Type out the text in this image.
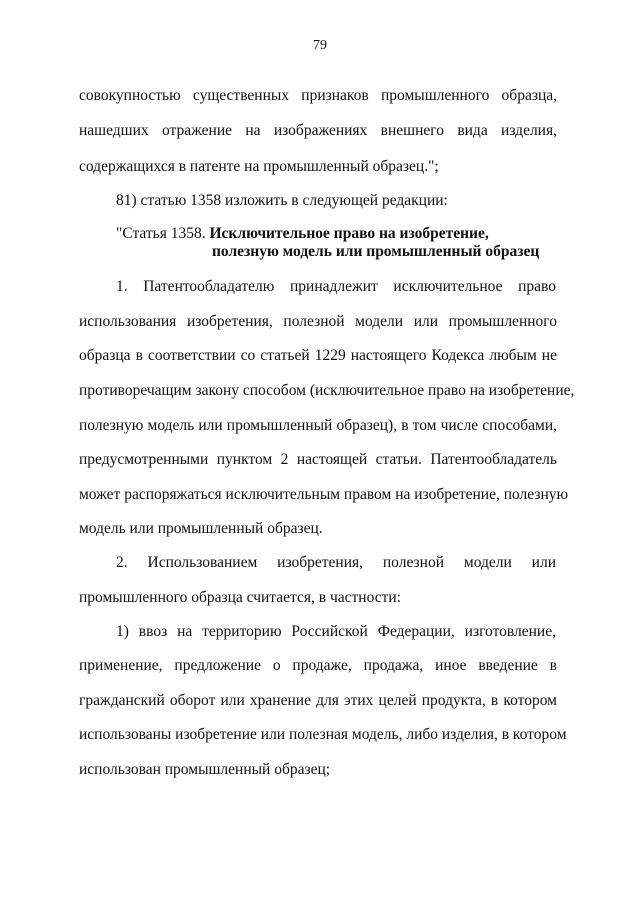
79
совокупностью существенных признаков промышленного образца,
нашедших отражение на изображениях внешнего вида изделия,
содержащихся в патенте на промышленный образец.";
81) статью 1358 изложить в следующей редакции:
"Статья 1358. Исключительное право на изобретение,
полезную модель или промышленный образец
1. Патентообладателю принадлежит исключительное право
использования изобретения, полезной модели или промышленного
образца в соответствии со статьей 1229 настоящего Кодекса любым не
противоречащим закону способом (исключительное право на изобретение,
полезную модель или промышленный образец), в том числе способами,
предусмотренными пунктом 2 настоящей статьи. Патентообладатель
может распоряжаться исключительным правом на изобретение, полезную
модель или промышленный образец.
2. Использованием изобретения, полезной модели или
промышленного образца считается, в частности:
1) ввоз на территорию Российской Федерации, изготовление,
применение, предложение о продаже, продажа, иное введение в
гражданский оборот или хранение для этих целей продукта, в котором
использованы изобретение или полезная модель, либо изделия, в котором
использован промышленный образец;
